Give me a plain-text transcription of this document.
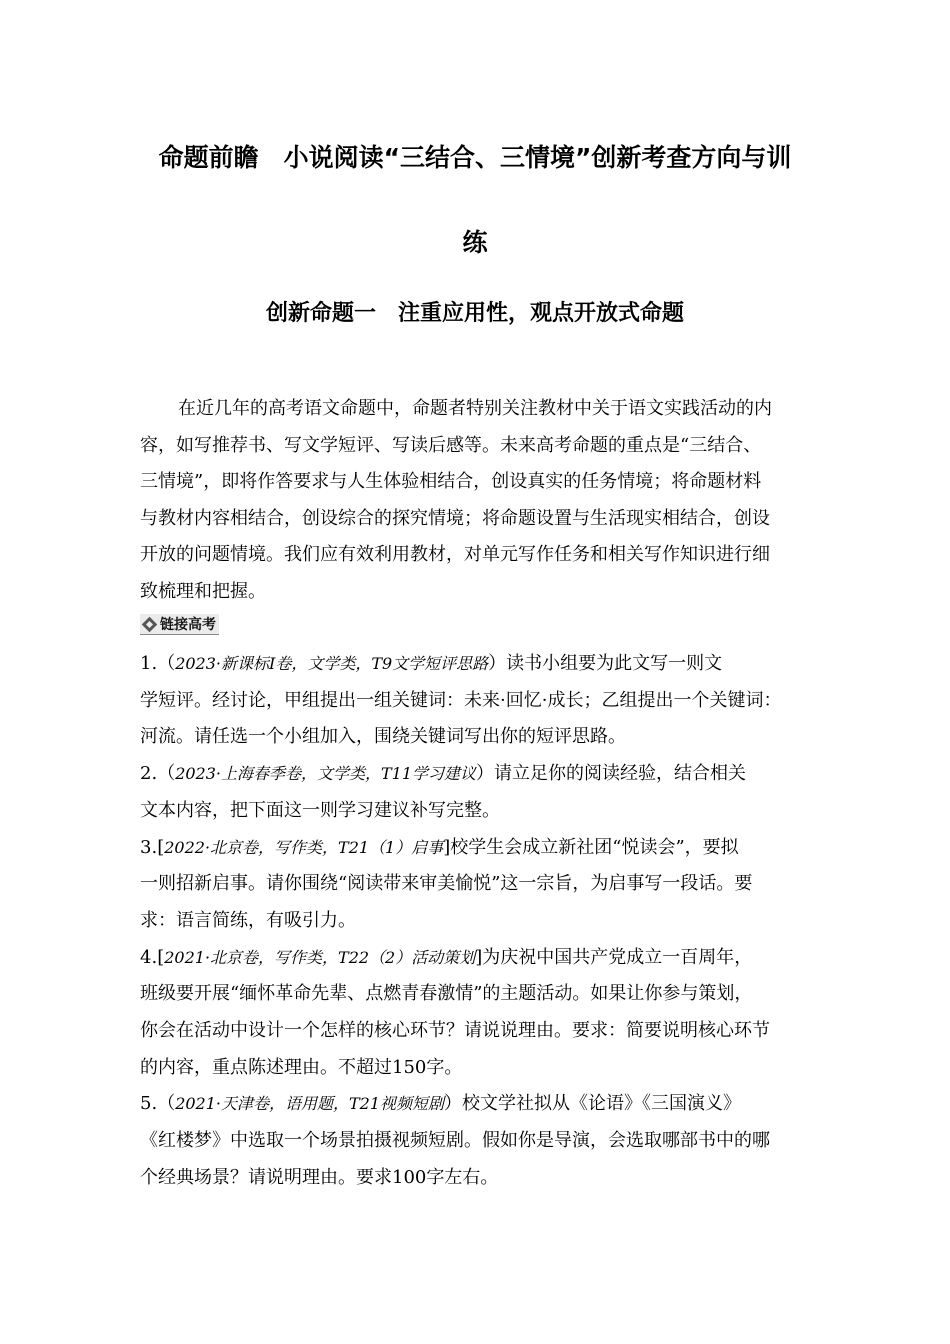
命题前瞻　小说阅读“三结合、三情境”创新考查方向与训
练
创新命题一　注重应用性，观点开放式命题
在近几年的高考语文命题中，命题者特别关注教材中关于语文实践活动的内
容，如写推荐书、写文学短评、写读后感等。未来高考命题的重点是“三结合、
三情境”，即将作答要求与人生体验相结合，创设真实的任务情境；将命题材料
与教材内容相结合，创设综合的探究情境；将命题设置与生活现实相结合，创设
开放的问题情境。我们应有效利用教材，对单元写作任务和相关写作知识进行细
致梳理和把握。
链接高考
1.（2023·新课标Ⅰ卷，文学类，T9文学短评思路）读书小组要为此文写一则文
学短评。经讨论，甲组提出一组关键词：未来·回忆·成长；乙组提出一个关键词：
河流。请任选一个小组加入，围绕关键词写出你的短评思路。
2.（2023·上海春季卷，文学类，T11学习建议）请立足你的阅读经验，结合相关
文本内容，把下面这一则学习建议补写完整。
3.[2022·北京卷，写作类，T21（1）启事]校学生会成立新社团“悦读会”，要拟
一则招新启事。请你围绕“阅读带来审美愉悦”这一宗旨，为启事写一段话。要
求：语言简练，有吸引力。
4.[2021·北京卷，写作类，T22（2）活动策划]为庆祝中国共产党成立一百周年，
班级要开展“缅怀革命先辈、点燃青春激情”的主题活动。如果让你参与策划，
你会在活动中设计一个怎样的核心环节？请说说理由。要求：简要说明核心环节
的内容，重点陈述理由。不超过150字。
5.（2021·天津卷，语用题，T21视频短剧）校文学社拟从《论语》《三国演义》
《红楼梦》中选取一个场景拍摄视频短剧。假如你是导演，会选取哪部书中的哪
个经典场景？请说明理由。要求100字左右。
